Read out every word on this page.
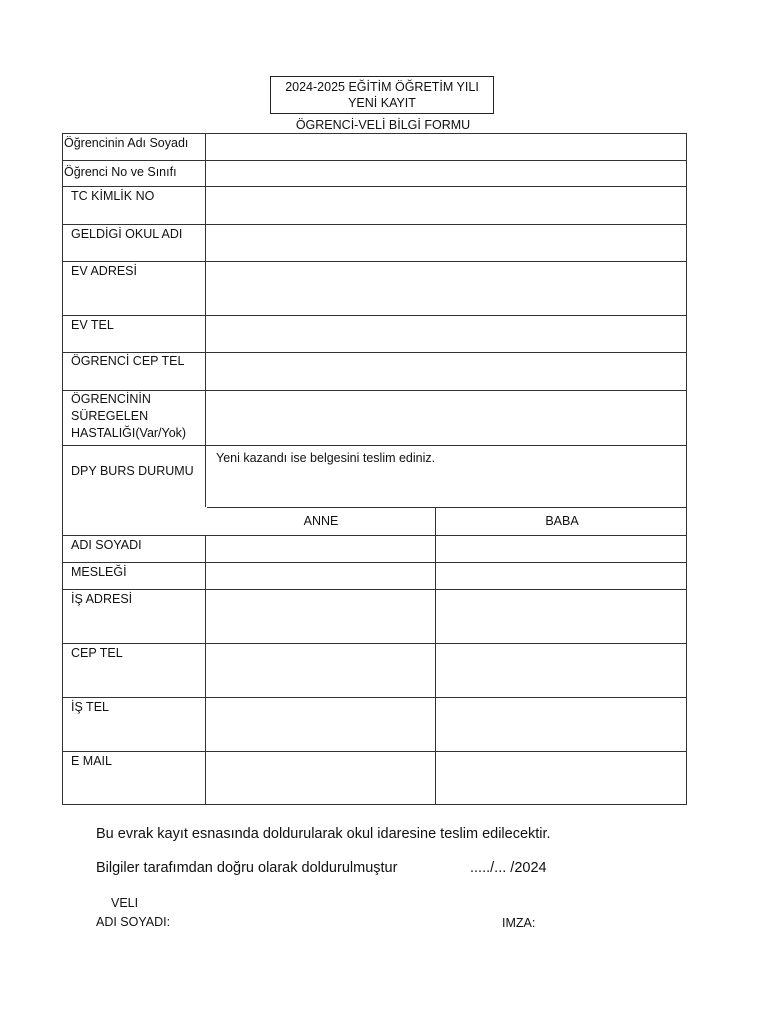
2024-2025 EĞİTİM ÖĞRETİM YILI
YENİ KAYIT
ÖGRENCİ-VELİ BİLGİ FORMU
Öğrencinin Adı Soyadı
Öğrenci No ve Sınıfı
TC KİMLİK NO
GELDİGİ OKUL ADI
EV ADRESİ
EV TEL
ÖGRENCİ CEP TEL
ÖGRENCİNİN
SÜREGELEN
HASTALIĞI(Var/Yok)
DPY BURS DURUMU
Yeni kazandı ise belgesini teslim ediniz.
ANNE	BABA
ADI SOYADI
MESLEĞİ
İŞ ADRESİ
CEP TEL
İŞ TEL
E MAIL
Bu evrak kayıt esnasında doldurularak okul idaresine teslim edilecektir.
Bilgiler tarafımdan doğru olarak doldurulmuştur	...../... /2024
VELI
ADI SOYADI:	IMZA:
